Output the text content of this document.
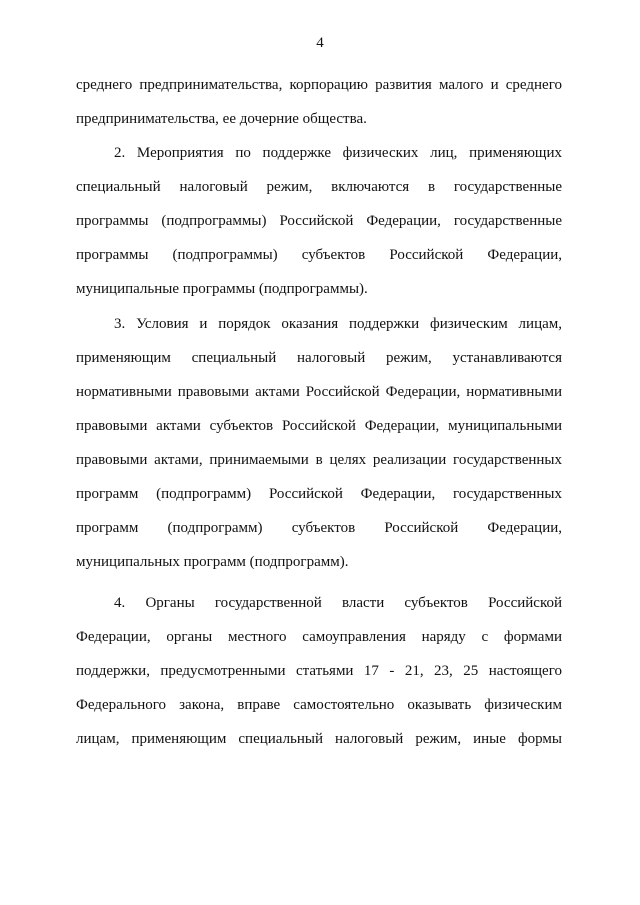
4
среднего предпринимательства, корпорацию развития малого и среднего
предпринимательства, ее дочерние общества.
2. Мероприятия по поддержке физических лиц, применяющих
специальный налоговый режим, включаются в государственные
программы (подпрограммы) Российской Федерации, государственные
программы (подпрограммы) субъектов Российской Федерации,
муниципальные программы (подпрограммы).
3. Условия и порядок оказания поддержки физическим лицам,
применяющим специальный налоговый режим, устанавливаются
нормативными правовыми актами Российской Федерации, нормативными
правовыми актами субъектов Российской Федерации, муниципальными
правовыми актами, принимаемыми в целях реализации государственных
программ (подпрограмм) Российской Федерации, государственных
программ (подпрограмм) субъектов Российской Федерации,
муниципальных программ (подпрограмм).
4. Органы государственной власти субъектов Российской
Федерации, органы местного самоуправления наряду с формами
поддержки, предусмотренными статьями 17 - 21, 23, 25 настоящего
Федерального закона, вправе самостоятельно оказывать физическим
лицам, применяющим специальный налоговый режим, иные формы
